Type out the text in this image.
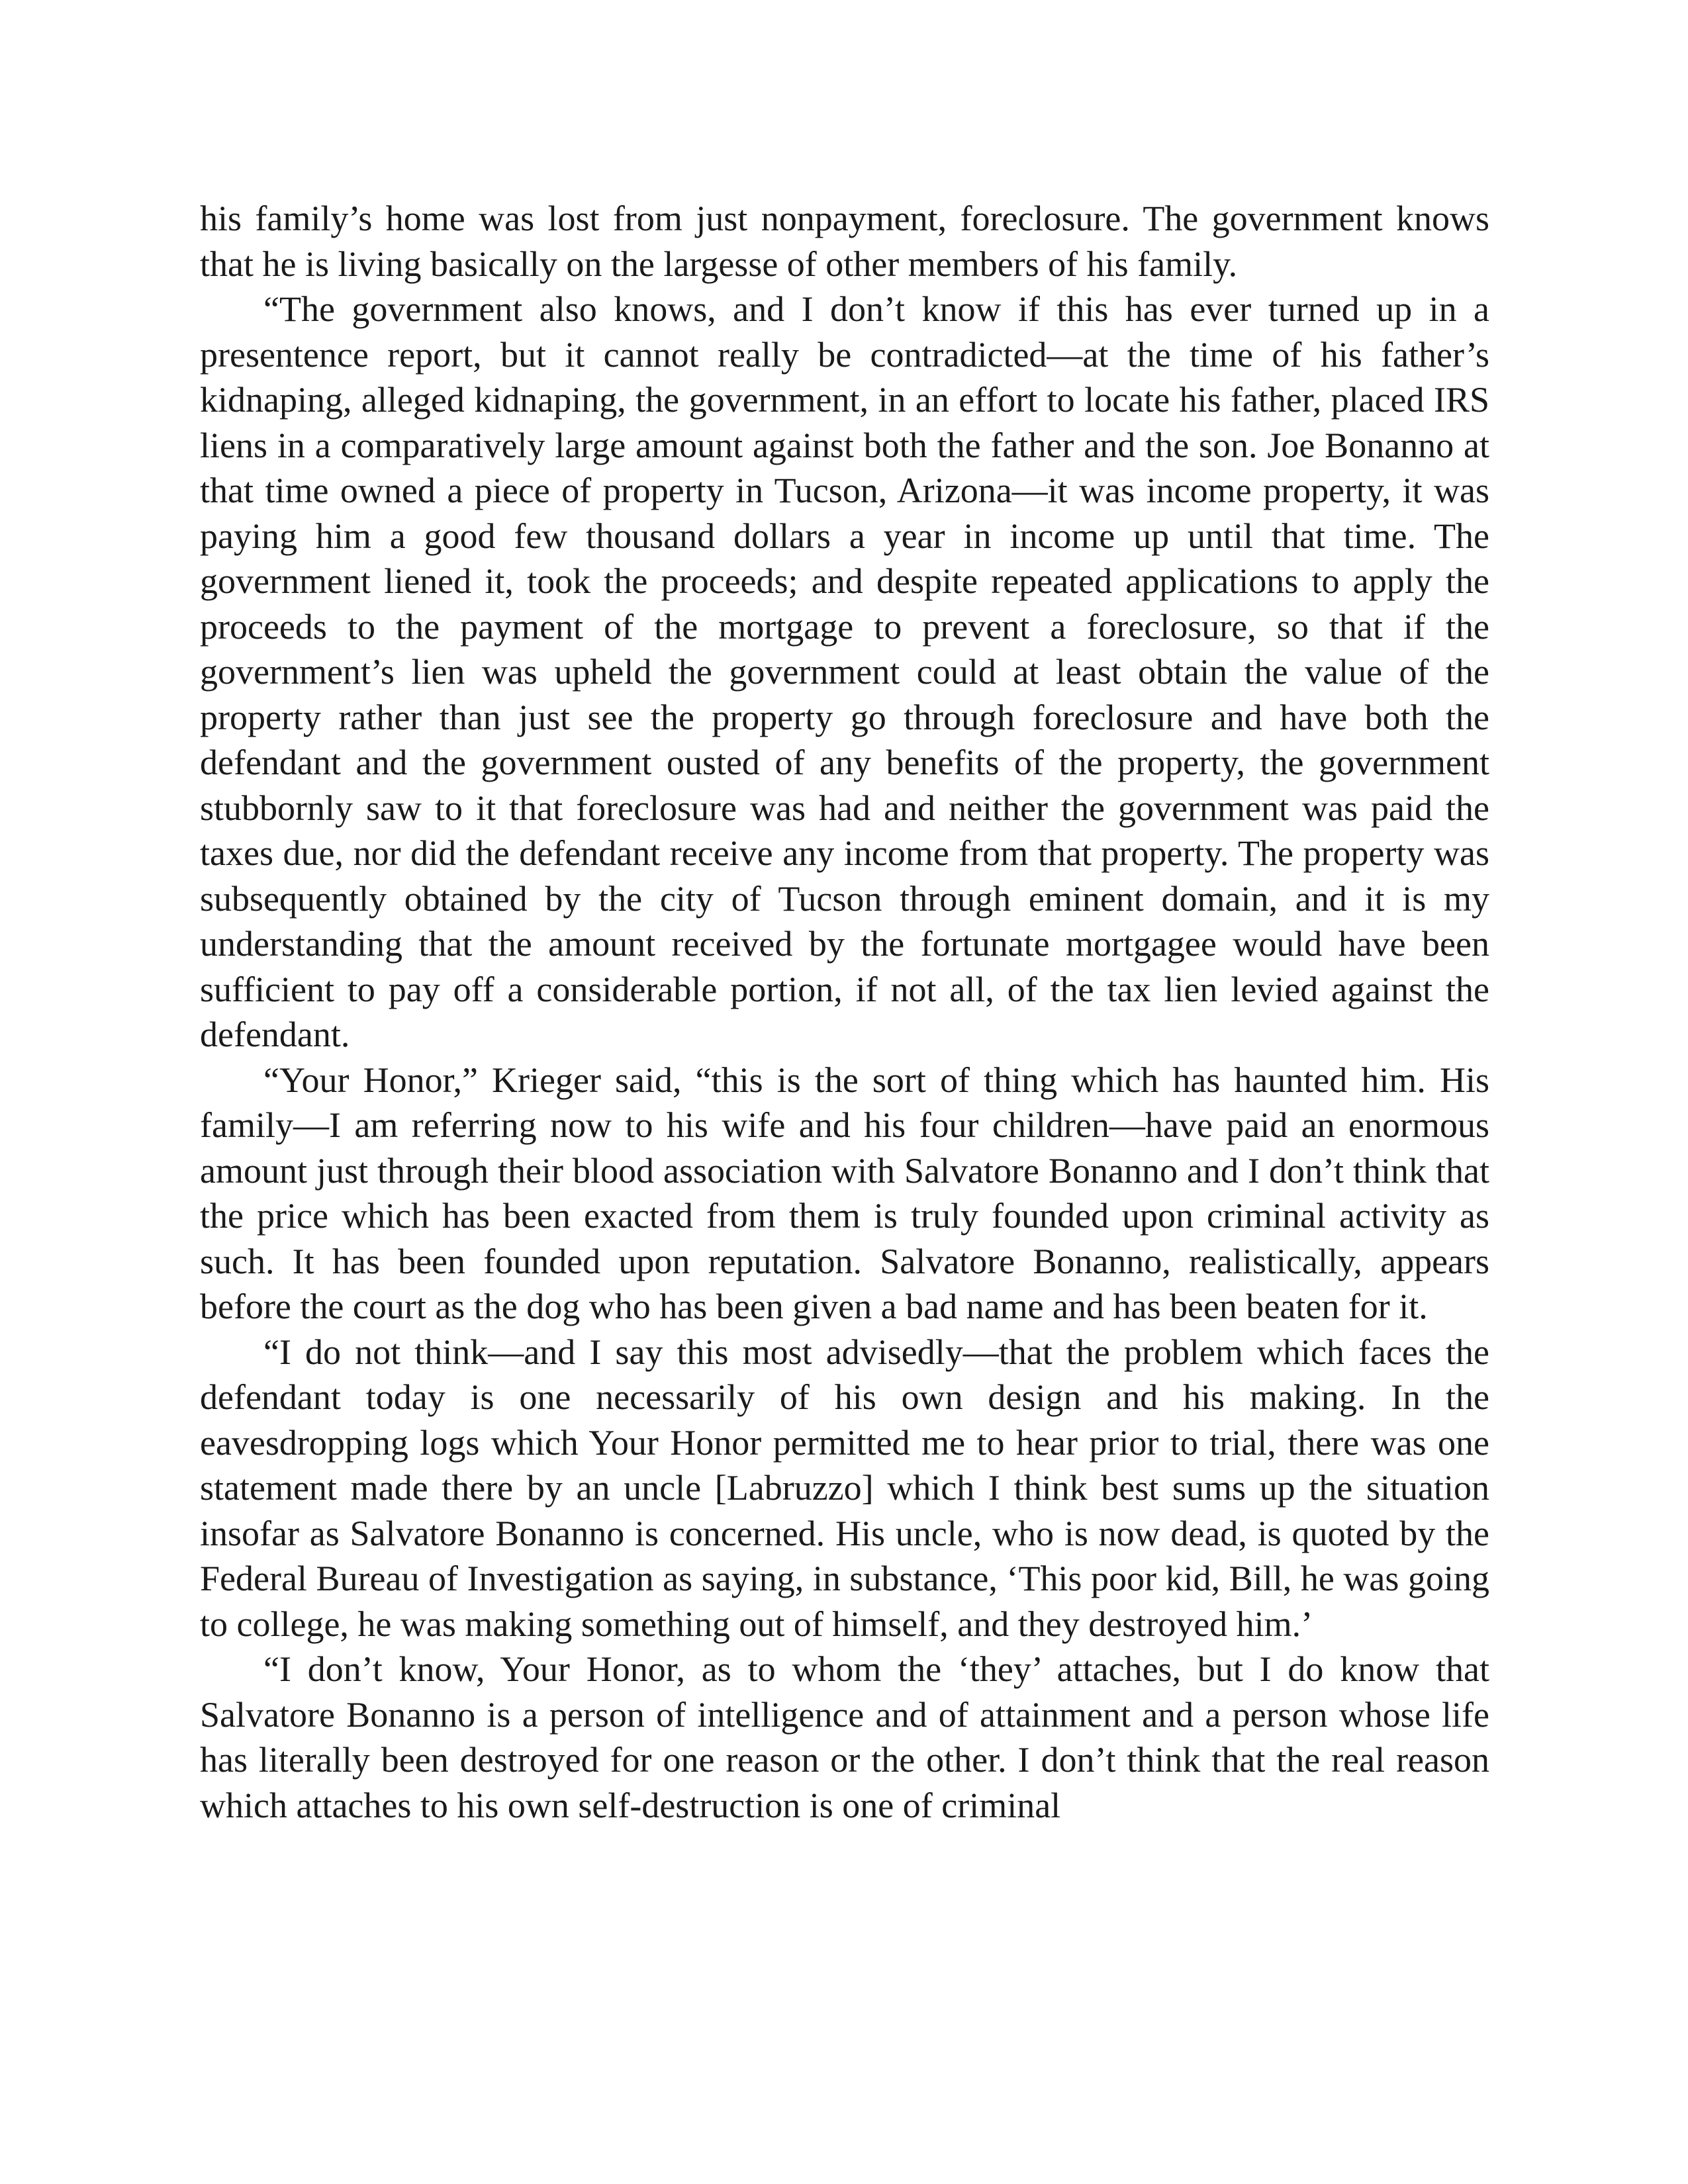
his family’s home was lost from just nonpayment, foreclosure. The government knows that he is living basically on the largesse of other members of his family.

“The government also knows, and I don’t know if this has ever turned up in a presentence report, but it cannot really be contradicted—at the time of his father’s kidnaping, alleged kidnaping, the government, in an effort to locate his father, placed IRS liens in a comparatively large amount against both the father and the son. Joe Bonanno at that time owned a piece of property in Tucson, Arizona—it was income property, it was paying him a good few thousand dollars a year in income up until that time. The government liened it, took the proceeds; and despite repeated applications to apply the proceeds to the payment of the mortgage to prevent a foreclosure, so that if the government’s lien was upheld the government could at least obtain the value of the property rather than just see the property go through foreclosure and have both the defendant and the government ousted of any benefits of the property, the government stubbornly saw to it that foreclosure was had and neither the government was paid the taxes due, nor did the defendant receive any income from that property. The property was subsequently obtained by the city of Tucson through eminent domain, and it is my understanding that the amount received by the fortunate mortgagee would have been sufficient to pay off a considerable portion, if not all, of the tax lien levied against the defendant.

“Your Honor,” Krieger said, “this is the sort of thing which has haunted him. His family—I am referring now to his wife and his four children—have paid an enormous amount just through their blood association with Salvatore Bonanno and I don’t think that the price which has been exacted from them is truly founded upon criminal activity as such. It has been founded upon reputation. Salvatore Bonanno, realistically, appears before the court as the dog who has been given a bad name and has been beaten for it.

“I do not think—and I say this most advisedly—that the problem which faces the defendant today is one necessarily of his own design and his making. In the eavesdropping logs which Your Honor permitted me to hear prior to trial, there was one statement made there by an uncle [Labruzzo] which I think best sums up the situation insofar as Salvatore Bonanno is concerned. His uncle, who is now dead, is quoted by the Federal Bureau of Investigation as saying, in substance, ‘This poor kid, Bill, he was going to college, he was making something out of himself, and they destroyed him.’

“I don’t know, Your Honor, as to whom the ‘they’ attaches, but I do know that Salvatore Bonanno is a person of intelligence and of attainment and a person whose life has literally been destroyed for one reason or the other. I don’t think that the real reason which attaches to his own self-destruction is one of criminal
